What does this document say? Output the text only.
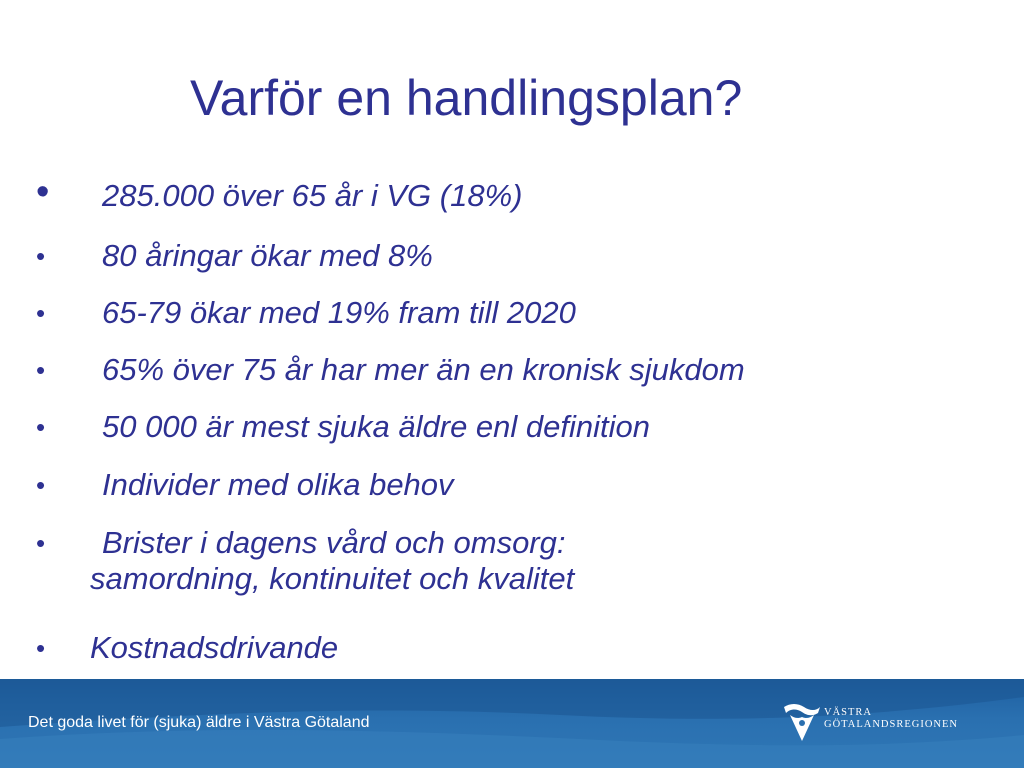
Varför en handlingsplan?
• 285.000 över 65 år i VG (18%)
• 80 åringar ökar med 8%
• 65-79 ökar med 19% fram till 2020
• 65% över 75 år har mer än en kronisk sjukdom
• 50 000 är mest sjuka äldre enl definition
• Individer med olika behov
• Brister i dagens vård och omsorg:
samordning, kontinuitet och kvalitet
• Kostnadsdrivande
Det goda livet för (sjuka) äldre i Västra Götaland
VÄSTRA
GÖTALANDSREGIONEN
